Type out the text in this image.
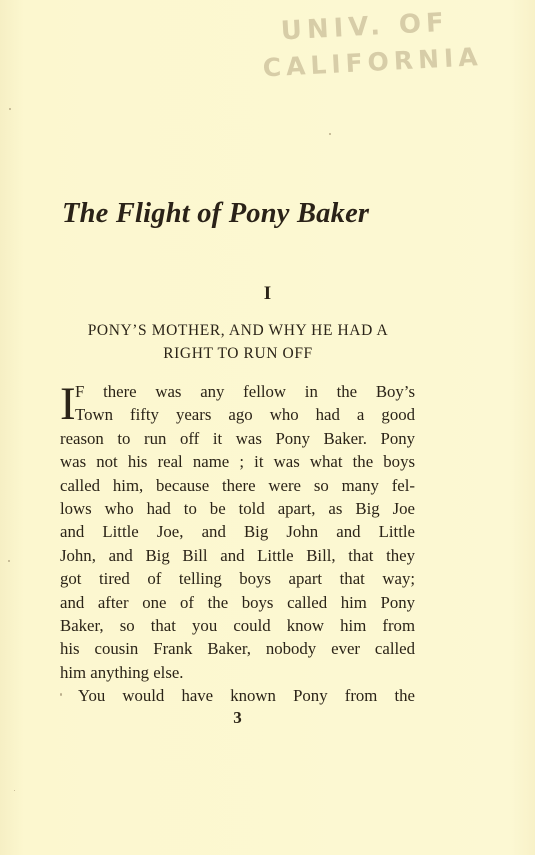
UNIV. OF
CALIFORNIA
The Flight of Pony Baker
I
PONY’S MOTHER, AND WHY HE HAD A
RIGHT TO RUN OFF
I F there was any fellow in the Boy’s
Town fifty years ago who had a good
reason to run off it was Pony Baker. Pony
was not his real name ; it was what the boys
called him, because there were so many fel-
lows who had to be told apart, as Big Joe
and Little Joe, and Big John and Little
John, and Big Bill and Little Bill, that they
got tired of telling boys apart that way;
and after one of the boys called him Pony
Baker, so that you could know him from
his cousin Frank Baker, nobody ever called
him anything else.
You would have known Pony from the
3
